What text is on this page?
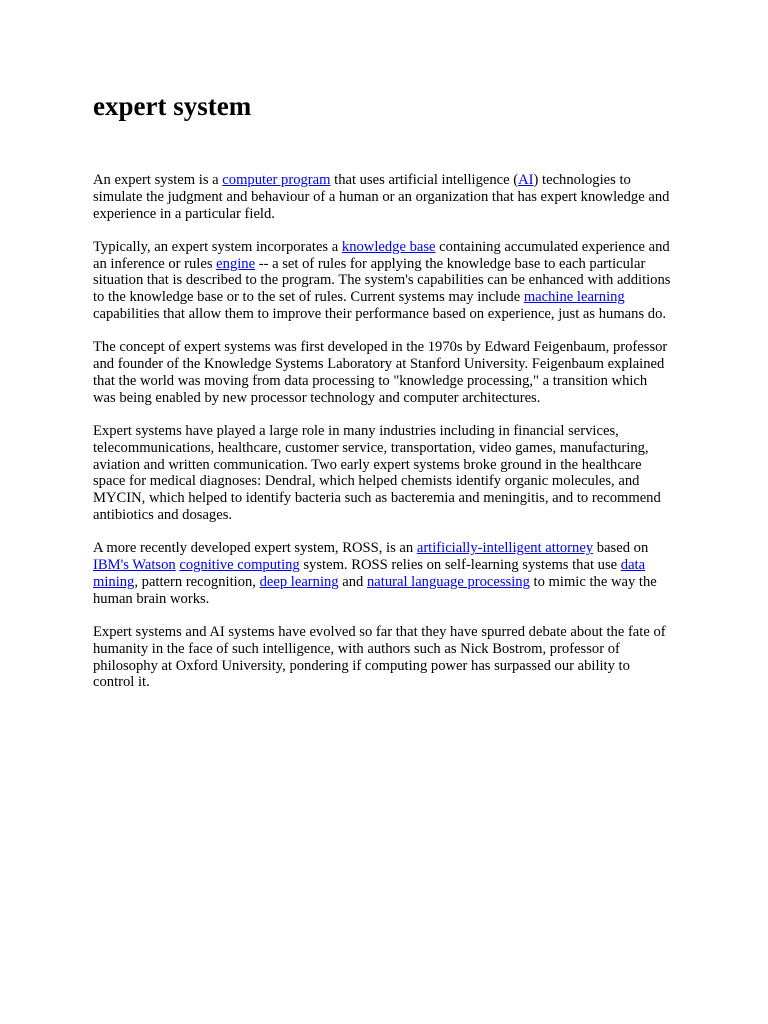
expert system

An expert system is a computer program that uses artificial intelligence (AI) technologies to simulate the judgment and behaviour of a human or an organization that has expert knowledge and experience in a particular field.

Typically, an expert system incorporates a knowledge base containing accumulated experience and an inference or rules engine -- a set of rules for applying the knowledge base to each particular situation that is described to the program. The system's capabilities can be enhanced with additions to the knowledge base or to the set of rules. Current systems may include machine learning capabilities that allow them to improve their performance based on experience, just as humans do.

The concept of expert systems was first developed in the 1970s by Edward Feigenbaum, professor and founder of the Knowledge Systems Laboratory at Stanford University. Feigenbaum explained that the world was moving from data processing to "knowledge processing," a transition which was being enabled by new processor technology and computer architectures.

Expert systems have played a large role in many industries including in financial services, telecommunications, healthcare, customer service, transportation, video games, manufacturing, aviation and written communication. Two early expert systems broke ground in the healthcare space for medical diagnoses: Dendral, which helped chemists identify organic molecules, and MYCIN, which helped to identify bacteria such as bacteremia and meningitis, and to recommend antibiotics and dosages.

A more recently developed expert system, ROSS, is an artificially-intelligent attorney based on IBM's Watson cognitive computing system. ROSS relies on self-learning systems that use data mining, pattern recognition, deep learning and natural language processing to mimic the way the human brain works.

Expert systems and AI systems have evolved so far that they have spurred debate about the fate of humanity in the face of such intelligence, with authors such as Nick Bostrom, professor of philosophy at Oxford University, pondering if computing power has surpassed our ability to control it.
